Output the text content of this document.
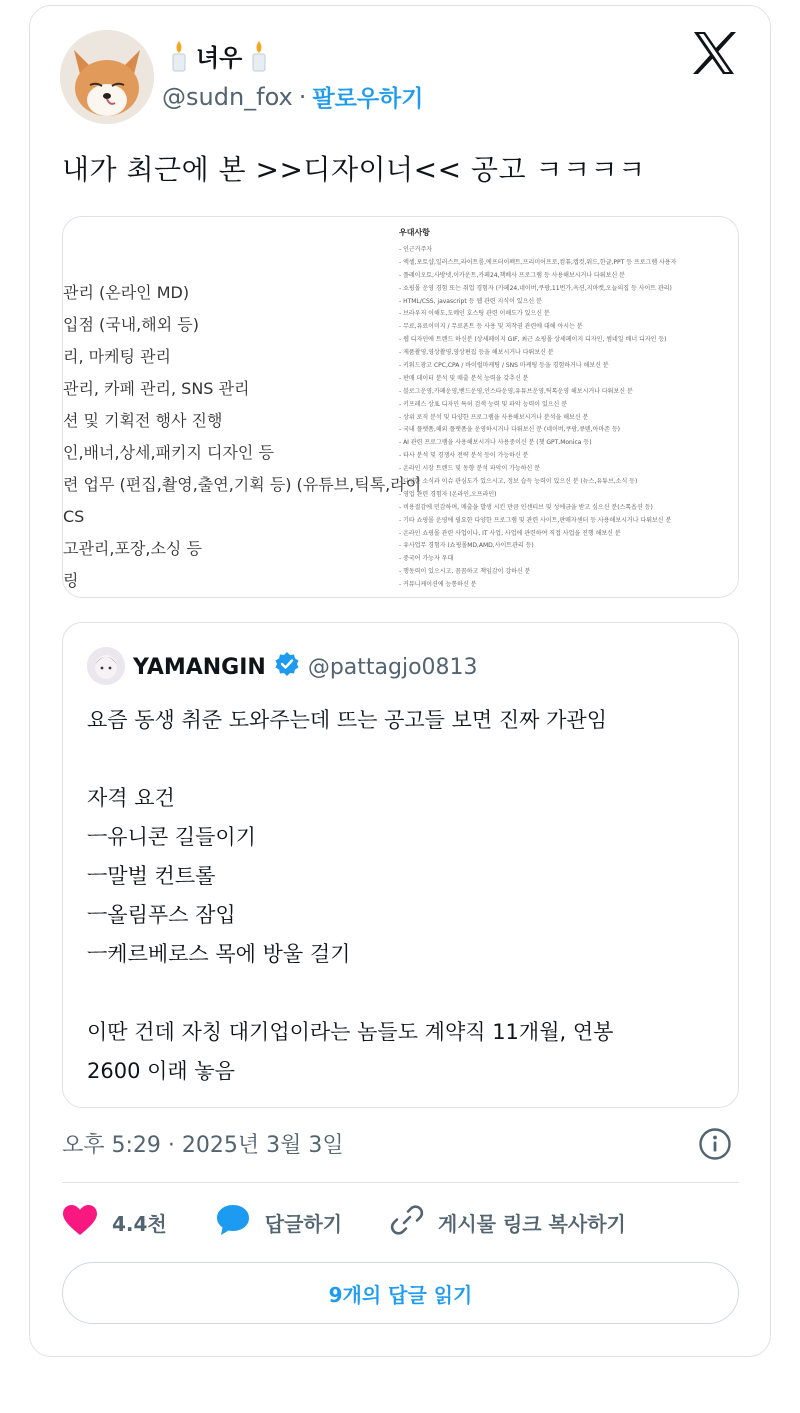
녀우
@sudn_fox · 팔로우하기
내가 최근에 본 >>디자이너<< 공고 ㅋㅋㅋㅋ
관리 (온라인 MD)
입점 (국내,해외 등)
리, 마케팅 관리
관리, 카페 관리, SNS 관리
션 및 기획전 행사 진행
인,배너,상세,패키지 디자인 등
련 업무 (편집,촬영,출연,기획 등) (유튜브,틱톡,라이
CS
고관리,포장,소싱 등
링
우대사항
- 인근거주자
- 엑셀,포토샵,일러스트,라이트룸,에프터이펙트,프리미어프로,컴퓨,캡컷,워드,한글,PPT 등 프로그램 사용자
- 플레이오토,사방넷,이카운트,카페24,책베사 프로그램 등 사용해보시거나 다뤄보신 분
- 쇼핑몰 운영 경험 또는 취업 경험자 (카페24,네이버,쿠팡,11번가,옥션,지마켓,오늘의집 등 사이트 관리)
- HTML/CSS, javascript 등 웹 관련 지식이 있으신 분
- 브라우저 이해도,도메인 호스팅 관련 이해도가 있으신 분
- 무료,유료이미지 / 무료폰트 등 사용 및 저작권 관련에 대해 아시는 분
- 웹 디자인에 트렌드 하신분 (상세페이지 GIF, 최근 쇼핑몰 상세페이지 디자인, 썸네일 배너 디자인 등)
- 제품촬영,영상촬영,영상편집 등을 해보시거나 다뤄보신 분
- 키워드광고 CPC,CPA / 바이럴마케팅 / SNS 마케팅 등을 경험하거나 해보신 분
- 판매 데이터 분석 및 매출 분석 능력을 갖추신 분
- 블로그운영,카페운영,밴드운영,인스타운영,유튜브운영,틱톡운영 해보시거나 다뤄보신 분
- 키프레스 상표 디자인 특허 검색 능력 및 파악 능력이 있으신 분
- 상위 로직 분석 및 다양한 프로그램을 사용해보시거나 분석을 해보신 분
- 국내 플랫폼,해외 플랫폼을 운영하시거나 다뤄보신 분 (네이버,쿠팡,큐텐,아마존 등)
- AI 관련 프로그램을 사용해보시거나 사용중이신 분 (챗 GPT,Monica 등)
- 타사 분석 및 경쟁사 전략 분석 등이 가능하신 분
- 온라인 시장 트렌드 및 동향 분석 파악이 가능하신 분
- 다양한 소식과 이슈 관심도가 있으시고, 정보 습득 능력이 있으신 분 (뉴스,유튜브,소식 등)
- 영업 관련 경험자 (온라인,오프라인)
- 비용절감에 민감하며, 매출을 발생 시킨 만큼 인센티브 및 성에금을 받고 싶으신 분(스톡옵션 등)
- 기타 쇼핑몰 운영에 필요한 다양한 프로그램 및 관련 사이트,판매자센터 등 사용해보시거나 다뤄보신 분
- 온라인 쇼핑몰 관련 사업이나, IT 사업, 사업에 관련하여 직접 사업을 진행 해보신 분
- 유사업무 경험자 (쇼핑몰MD,AMD,사이트관리 등)
- 중국어 가능자 우대
- 행동력이 있으시고, 꼼꼼하고 책임감이 강하신 분
- 커뮤니케이션에 능통하신 분
YAMANGIN @pattagjo0813
요즘 동생 취준 도와주는데 뜨는 공고들 보면 진짜 가관임
자격 요건
ㅡ유니콘 길들이기
ㅡ말벌 컨트롤
ㅡ올림푸스 잠입
ㅡ케르베로스 목에 방울 걸기
이딴 건데 자칭 대기업이라는 놈들도 계약직 11개월, 연봉
2600 이래 놓음
오후 5:29 · 2025년 3월 3일
4.4천	답글하기	게시물 링크 복사하기
9개의 답글 읽기
